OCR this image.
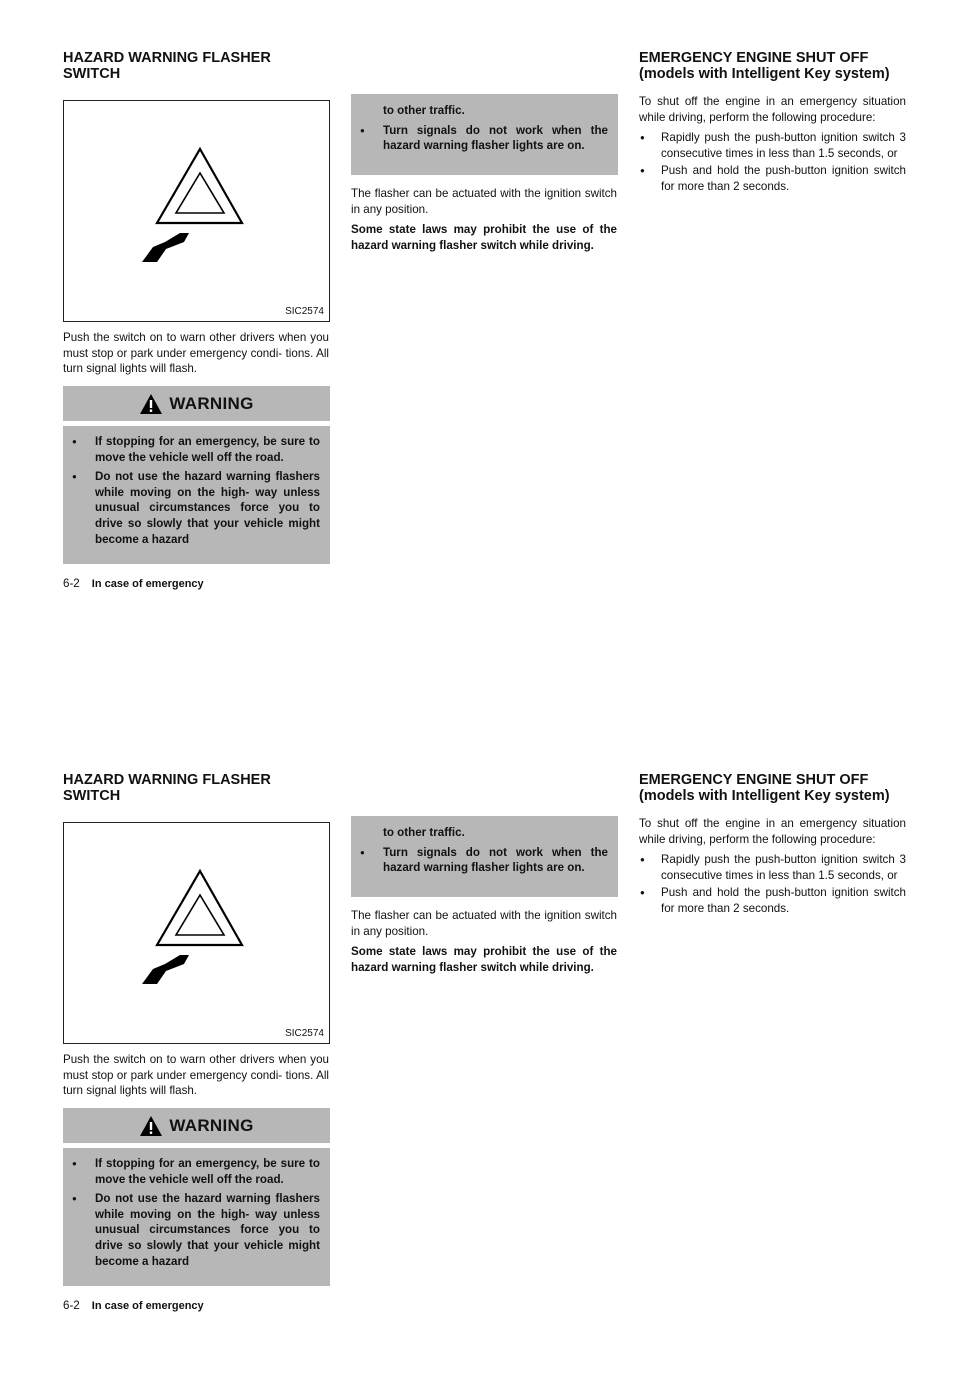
HAZARD WARNING FLASHER
SWITCH
SIC2574

Push the switch on to warn other drivers when you must stop or park under emergency condi- tions. All turn signal lights will flash.

WARNING
● If stopping for an emergency, be sure to move the vehicle well off the road.
● Do not use the hazard warning flashers while moving on the high- way unless unusual circumstances force you to drive so slowly that your vehicle might become a hazard
to other traffic.
● Turn signals do not work when the hazard warning flasher lights are on.

The flasher can be actuated with the ignition switch in any position.

Some state laws may prohibit the use of the hazard warning flasher switch while driving.

EMERGENCY ENGINE SHUT OFF
(models with Intelligent Key system)

To shut off the engine in an emergency situation while driving, perform the following procedure:

● Rapidly push the push-button ignition switch 3 consecutive times in less than 1.5 seconds, or
● Push and hold the push-button ignition switch for more than 2 seconds.
6-2 In case of emergency
HAZARD WARNING FLASHER
SWITCH
SIC2574

Push the switch on to warn other drivers when you must stop or park under emergency condi- tions. All turn signal lights will flash.

WARNING
● If stopping for an emergency, be sure to move the vehicle well off the road.
● Do not use the hazard warning flashers while moving on the high- way unless unusual circumstances force you to drive so slowly that your vehicle might become a hazard
to other traffic.
● Turn signals do not work when the hazard warning flasher lights are on.

The flasher can be actuated with the ignition switch in any position.

Some state laws may prohibit the use of the hazard warning flasher switch while driving.

EMERGENCY ENGINE SHUT OFF
(models with Intelligent Key system)

To shut off the engine in an emergency situation while driving, perform the following procedure:

● Rapidly push the push-button ignition switch 3 consecutive times in less than 1.5 seconds, or
● Push and hold the push-button ignition switch for more than 2 seconds.
6-2 In case of emergency
